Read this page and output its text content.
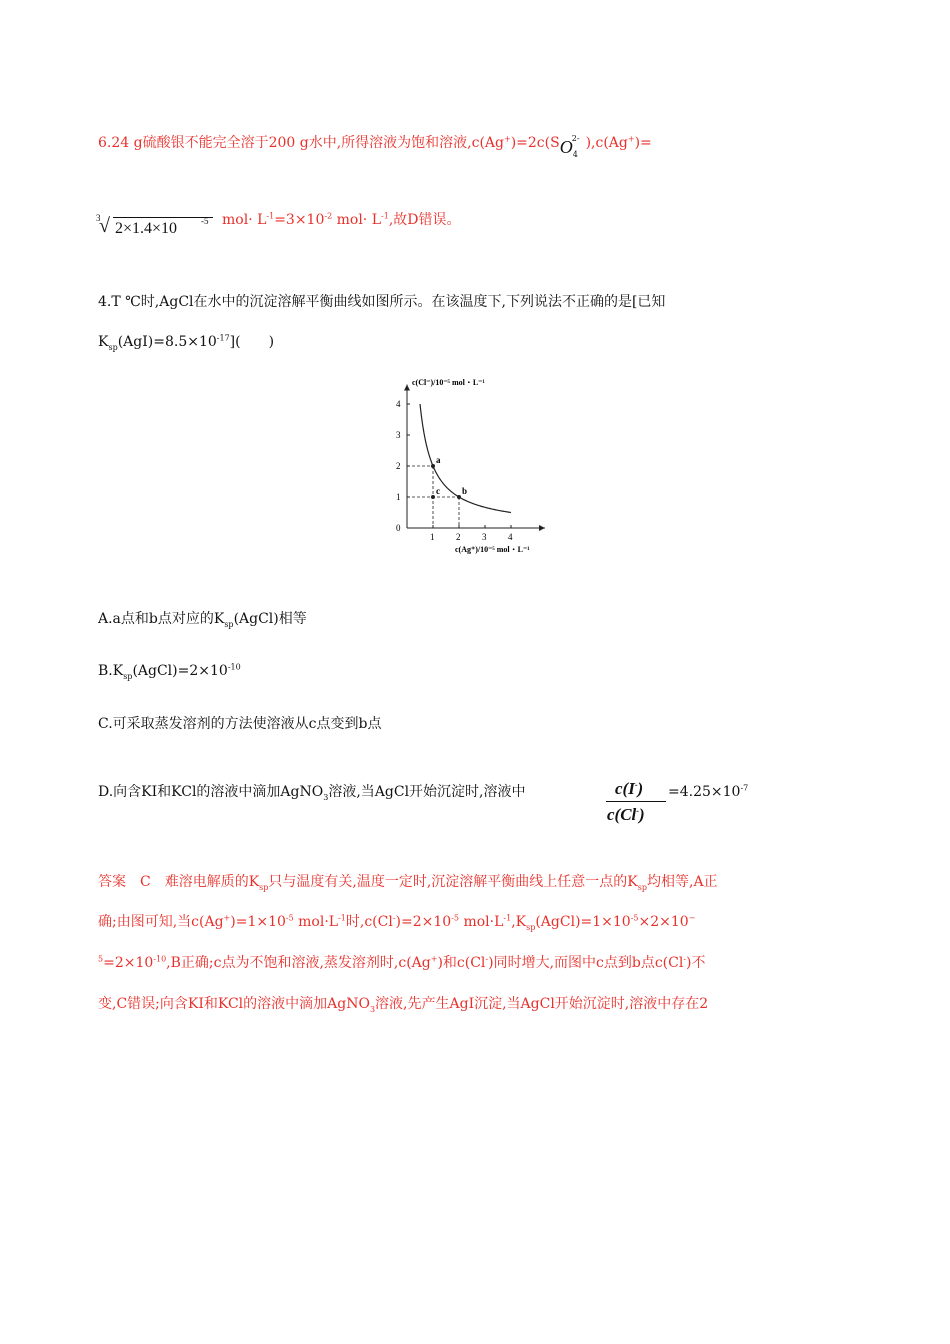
6.24 g硫酸银不能完全溶于200 g水中,所得溶液为饱和溶液$,c(Ag^+)=2c(SO_4^{2-}$ ),c(Ag+)=
3
√ 2×1.4×10	-5 $mol\cdot L^{-1}=3\times 10^{-2}$ $mol\cdot L^{-1}$,故D错误。
4.T ℃时,AgCl在水中的沉淀溶解平衡曲线如图所示。在该温度下,下列说法不正确的是[已知
$K_{sp}(AgI)=8.5\times 10^{-17}$](　　)
c(Cl⁻)/10⁻⁵ mol・L⁻¹
c(Ag⁺)/10⁻⁵ mol・L⁻¹
1 2 3 4
1
2
3
4
0
a
b
c
A.a点和b点对应的$K_{sp}(AgCl)$相等
$B.K_{sp}(AgCl)=2\times 10^{-10}$
C.可采取蒸发溶剂的方法使溶液从c点变到b点
D.向含KI和KCl的溶液中滴加AgNO$_3$溶液,当AgCl开始沉淀时,溶液中	c(I-)
c(Cl-)
$=4.25\times 10^{-7}$
答案　C　难溶电解质的$K_{sp}$只与温度有关,温度一定时,沉淀溶解平衡曲线上任意一点的$K_{sp}$均相等,A正
确;由图可知,当$c(Ag^+)=1\times 10^{-5}$ $mol\cdot L^{-1}$时$,c(Cl^-)=2\times 10^{-5}$ $mol\cdot L^{-1},K_{sp}(AgCl)=1\times 10^{-5}\times 2\times 10^-$
$^5=2\times 10^{-10},B$正确;c点为不饱和溶液,蒸发溶剂时,c(Ag+)和c(Cl-)同时增大,而图中c点到b点c(Cl-)不
变,C错误;向含KI和KCl的溶液中滴加AgNO$_3$溶液,先产生AgI沉淀,当AgCl开始沉淀时,溶液中存在2
